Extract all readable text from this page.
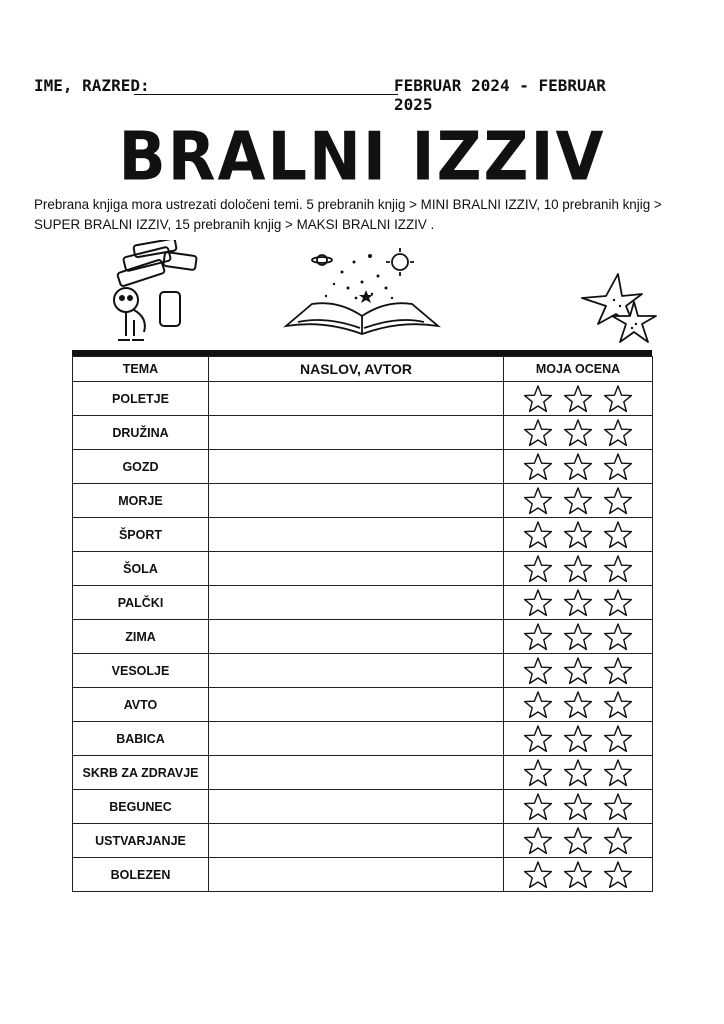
IME, RAZRED:	FEBRUAR 2024 - FEBRUAR 2025
BRALNI IZZIV
Prebrana knjiga mora ustrezati določeni temi. 5 prebranih knjig > MINI BRALNI IZZIV, 10 prebranih knjig > SUPER BRALNI IZZIV, 15 prebranih knjig > MAKSI BRALNI IZZIV .
TEMA	NASLOV, AVTOR	MOJA OCENA
POLETJE		

DRUŽINA		

GOZD		

MORJE		

ŠPORT		

ŠOLA		

PALČKI		

ZIMA		

VESOLJE		

AVTO		

BABICA		

SKRB ZA ZDRAVJE		

BEGUNEC		

USTVARJANJE		

BOLEZEN		
